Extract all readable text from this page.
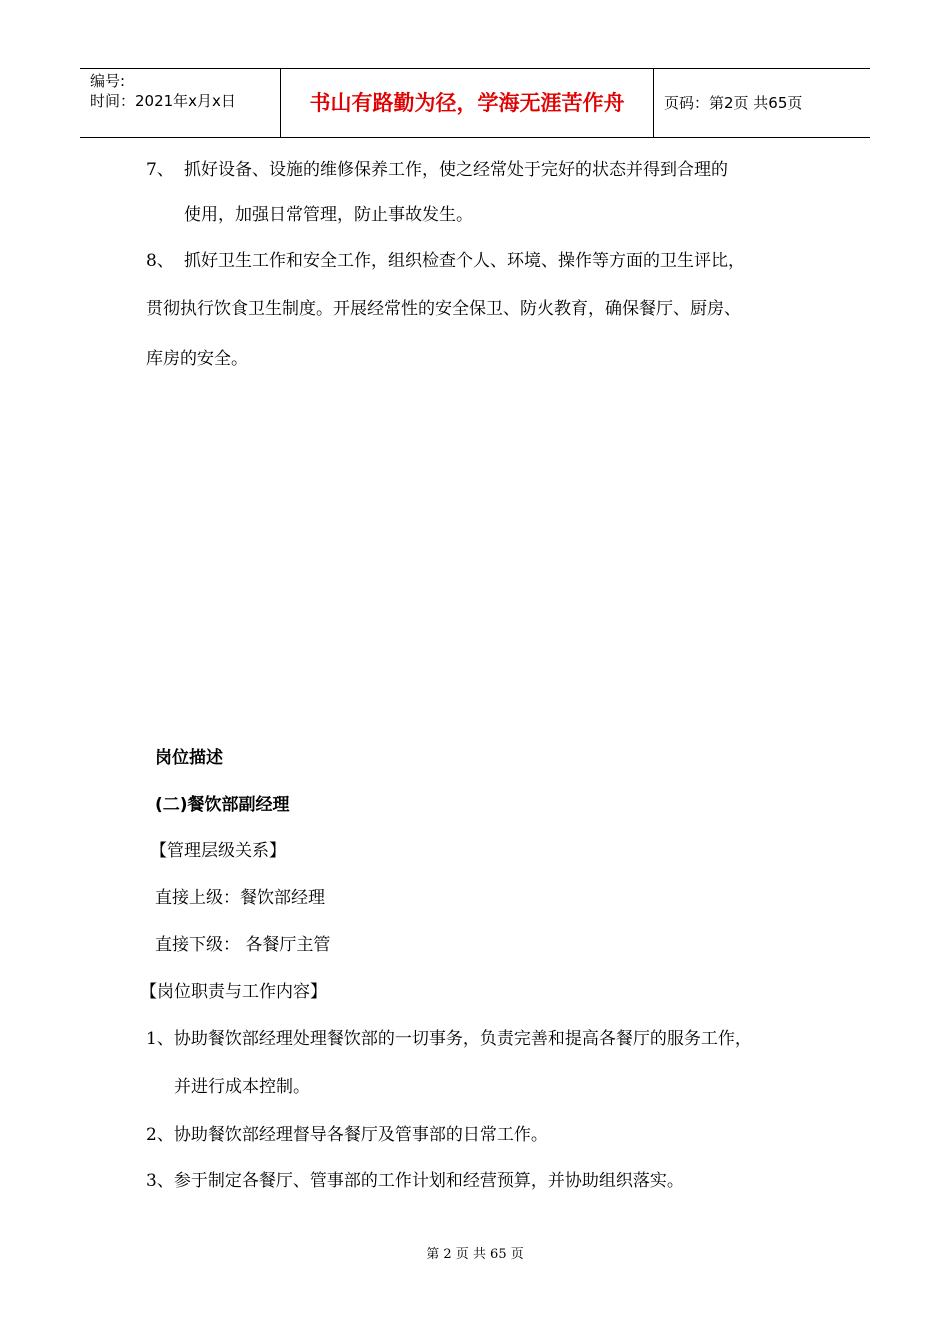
编号:
时间：2021年x月x日	书山有路勤为径，学海无涯苦作舟	页码：第2页 共65页
7、 抓好设备、设施的维修保养工作，使之经常处于完好的状态并得到合理的
使用，加强日常管理，防止事故发生。
8、 抓好卫生工作和安全工作，组织检查个人、环境、操作等方面的卫生评比，
贯彻执行饮食卫生制度。开展经常性的安全保卫、防火教育，确保餐厅、厨房、
库房的安全。
岗位描述
(二)餐饮部副经理
【管理层级关系】
直接上级：餐饮部经理
直接下级： 各餐厅主管
【岗位职责与工作内容】
1、协助餐饮部经理处理餐饮部的一切事务，负责完善和提高各餐厅的服务工作，
并进行成本控制。
2、协助餐饮部经理督导各餐厅及管事部的日常工作。
3、参于制定各餐厅、管事部的工作计划和经营预算，并协助组织落实。
第 2 页 共 65 页
